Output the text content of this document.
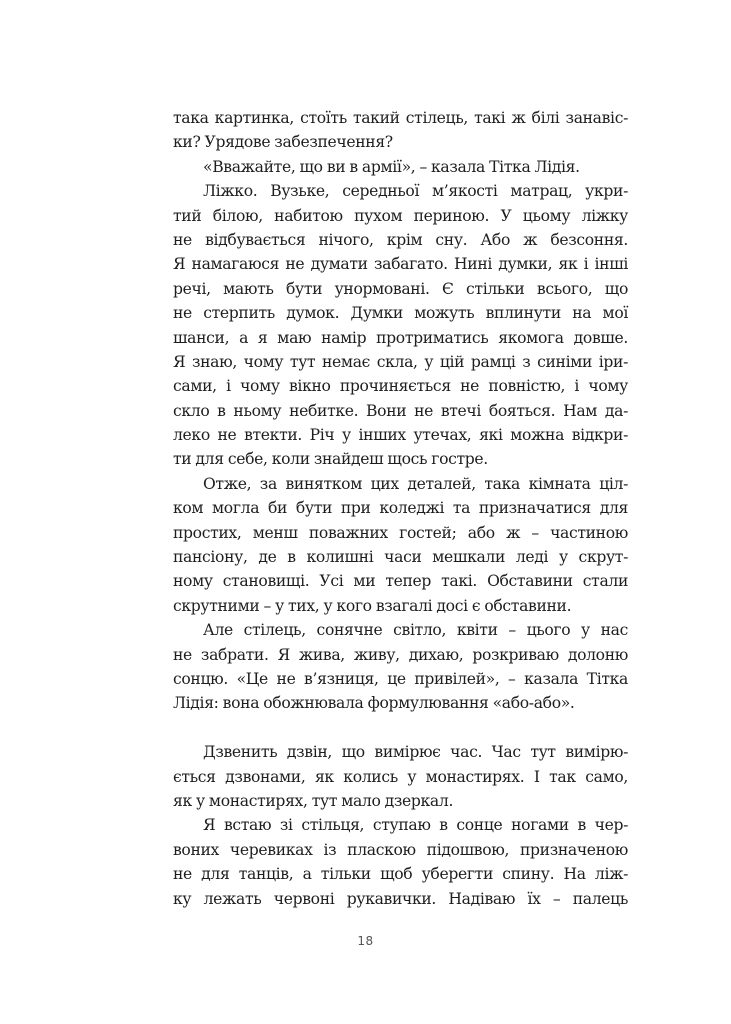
така картинка, стоїть такий стілець, такі ж білі занавіс-
ки? Урядове забезпечення?
«Вважайте, що ви в армії», – казала Тітка Лідія.
Ліжко. Вузьке, середньої м’якості матрац, укри-
тий білою, набитою пухом периною. У цьому ліжку
не відбувається нічого, крім сну. Або ж безсоння.
Я намагаюся не думати забагато. Нині думки, як і інші
речі, мають бути унормовані. Є стільки всього, що
не стерпить думок. Думки можуть вплинути на мої
шанси, а я маю намір протриматись якомога довше.
Я знаю, чому тут немає скла, у цій рамці з синіми іри-
сами, і чому вікно прочиняється не повністю, і чому
скло в ньому небитке. Вони не втечі бояться. Нам да-
леко не втекти. Річ у інших утечах, які можна відкри-
ти для себе, коли знайдеш щось гостре.
Отже, за винятком цих деталей, така кімната ціл-
ком могла би бути при коледжі та призначатися для
простих, менш поважних гостей; або ж – частиною
пансіону, де в колишні часи мешкали леді у скрут-
ному становищі. Усі ми тепер такі. Обставини стали
скрутними – у тих, у кого взагалі досі є обставини.
Але стілець, сонячне світло, квіти – цього у нас
не забрати. Я жива, живу, дихаю, розкриваю долоню
сонцю. «Це не в’язниця, це привілей», – казала Тітка
Лідія: вона обожнювала формулювання «або-або».
Дзвенить дзвін, що вимірює час. Час тут вимірю-
ється дзвонами, як колись у монастирях. І так само,
як у монастирях, тут мало дзеркал.
Я встаю зі стільця, ступаю в сонце ногами в чер-
воних черевиках із пласкою підошвою, призначеною
не для танців, а тільки щоб уберегти спину. На ліж-
ку лежать червоні рукавички. Надіваю їх – палець
18
